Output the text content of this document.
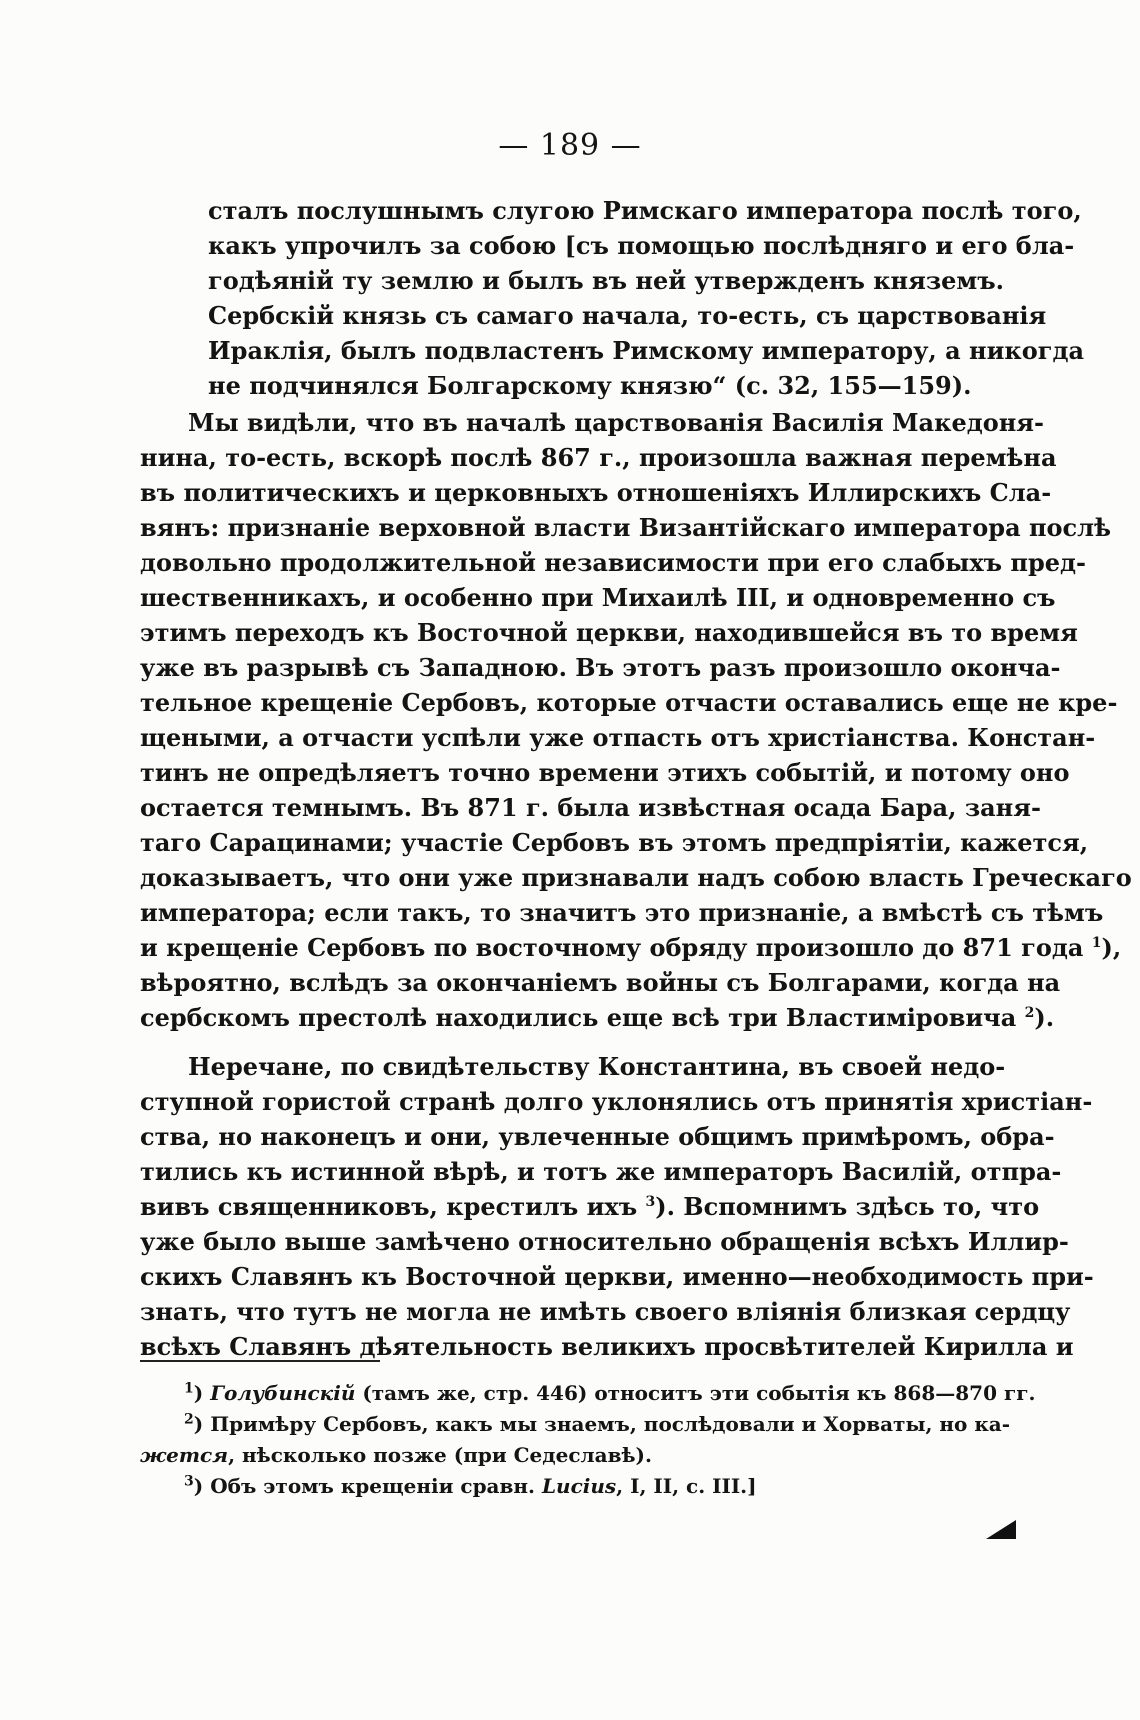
— 189 —
сталъ послушнымъ слугою Римскаго императора послѣ того,
какъ упрочилъ за собою [съ помощью послѣдняго и его бла-
годѣяній ту землю и былъ въ ней утвержденъ княземъ.
Сербскій князь съ самаго начала, то-есть, съ царствованія
Ираклія, былъ подвластенъ Римскому императору, а никогда
не подчинялся Болгарскому князю“ (с. 32, 155—159).
Мы видѣли, что въ началѣ царствованія Василія Македоня-
нина, то-есть, вскорѣ послѣ 867 г., произошла важная перемѣна
въ политическихъ и церковныхъ отношеніяхъ Иллирскихъ Сла-
вянъ: признаніе верховной власти Византійскаго императора послѣ
довольно продолжительной независимости при его слабыхъ пред-
шественникахъ, и особенно при Михаилѣ III, и одновременно съ
этимъ переходъ къ Восточной церкви, находившейся въ то время
уже въ разрывѣ съ Западною. Въ этотъ разъ произошло оконча-
тельное крещеніе Сербовъ, которые отчасти оставались еще не кре-
щеными, а отчасти успѣли уже отпасть отъ христіанства. Констан-
тинъ не опредѣляетъ точно времени этихъ событій, и потому оно
остается темнымъ. Въ 871 г. была извѣстная осада Бара, заня-
таго Сарацинами; участіе Сербовъ въ этомъ предпріятіи, кажется,
доказываетъ, что они уже признавали надъ собою власть Греческаго
императора; если такъ, то значитъ это признаніе, а вмѣстѣ съ тѣмъ
и крещеніе Сербовъ по восточному обряду произошло до 871 года $^1$),
вѣроятно, вслѣдъ за окончаніемъ войны съ Болгарами, когда на
сербскомъ престолѣ находились еще всѣ три Властиміровича $^2$).
Неречане, по свидѣтельству Константина, въ своей недо-
ступной гористой странѣ долго уклонялись отъ принятія христіан-
ства, но наконецъ и они, увлеченные общимъ примѣромъ, обра-
тились къ истинной вѣрѣ, и тотъ же императоръ Василій, отпра-
вивъ священниковъ, крестилъ ихъ $^3$). Вспомнимъ здѣсь то, что
уже было выше замѣчено относительно обращенія всѣхъ Иллир-
скихъ Славянъ къ Восточной церкви, именно—необходимость при-
знать, что тутъ не могла не имѣть своего вліянія близкая сердцу
всѣхъ Славянъ дѣятельность великихъ просвѣтителей Кирилла и
$^1$) Голубинскій (тамъ же, стр. 446) относитъ эти событія къ 868—870 гг.
$^2$) Примѣру Сербовъ, какъ мы знаемъ, послѣдовали и Хорваты, но ка-
жется, нѣсколько позже (при Седеславѣ).
$^3$) Объ этомъ крещеніи сравн. Lucius, I, II, с. III.]
